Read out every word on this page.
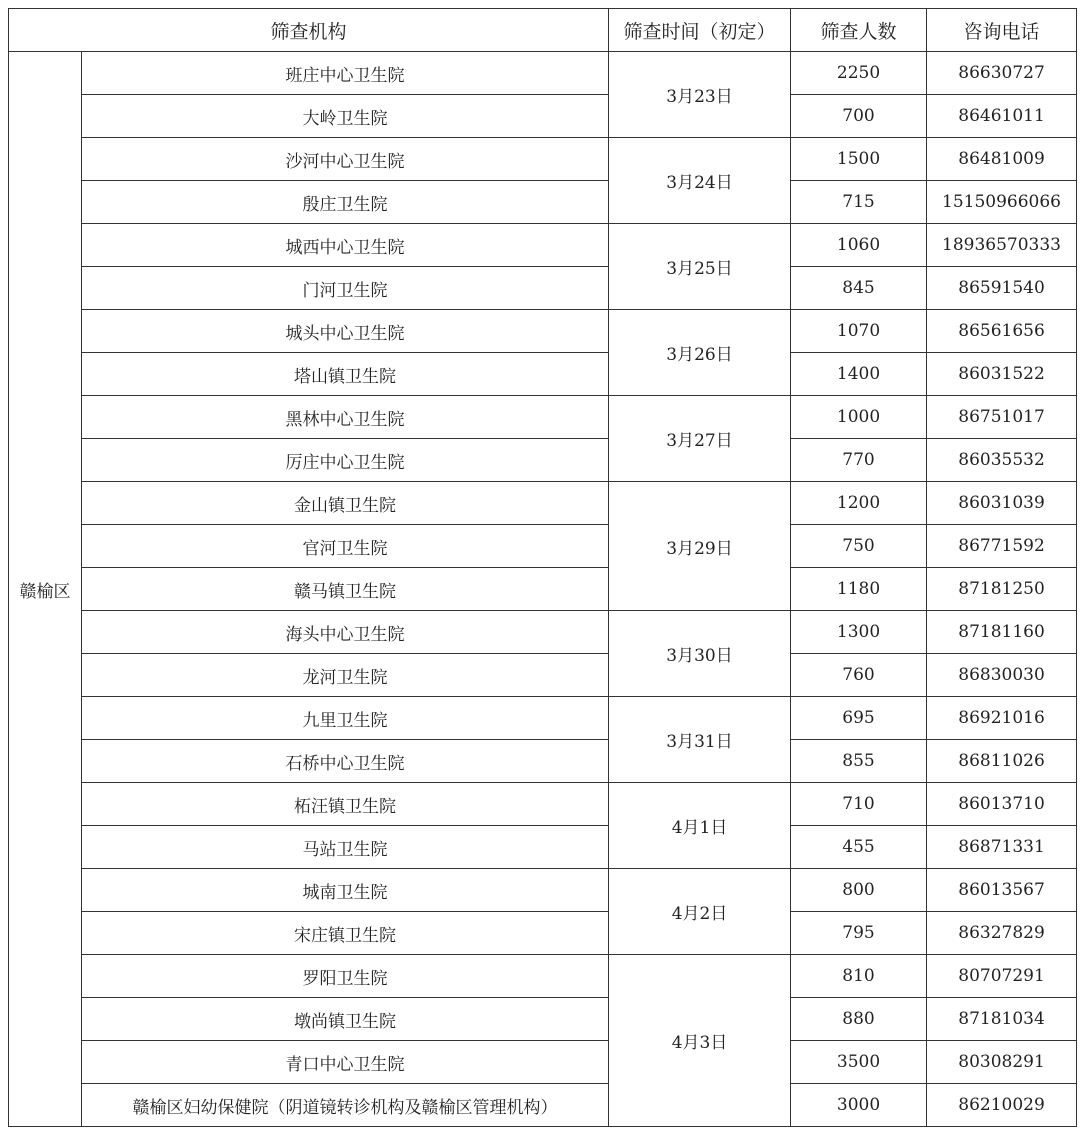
筛查机构		筛查时间（初定）	筛查人数	咨询电话
赣榆区	班庄中心卫生院	3月23日	2250	86630727
	大岭卫生院		700	86461011
	沙河中心卫生院	3月24日	1500	86481009
	殷庄卫生院		715	15150966066
	城西中心卫生院	3月25日	1060	18936570333
	门河卫生院		845	86591540
	城头中心卫生院	3月26日	1070	86561656
	塔山镇卫生院		1400	86031522
	黑林中心卫生院	3月27日	1000	86751017
	厉庄中心卫生院		770	86035532
	金山镇卫生院	3月29日	1200	86031039
	官河卫生院		750	86771592
	赣马镇卫生院		1180	87181250
	海头中心卫生院	3月30日	1300	87181160
	龙河卫生院		760	86830030
	九里卫生院	3月31日	695	86921016
	石桥中心卫生院		855	86811026
	柘汪镇卫生院	4月1日	710	86013710
	马站卫生院		455	86871331
	城南卫生院	4月2日	800	86013567
	宋庄镇卫生院		795	86327829
	罗阳卫生院	4月3日	810	80707291
	墩尚镇卫生院		880	87181034
	青口中心卫生院		3500	80308291
	赣榆区妇幼保健院（阴道镜转诊机构及赣榆区管理机构）		3000	86210029
